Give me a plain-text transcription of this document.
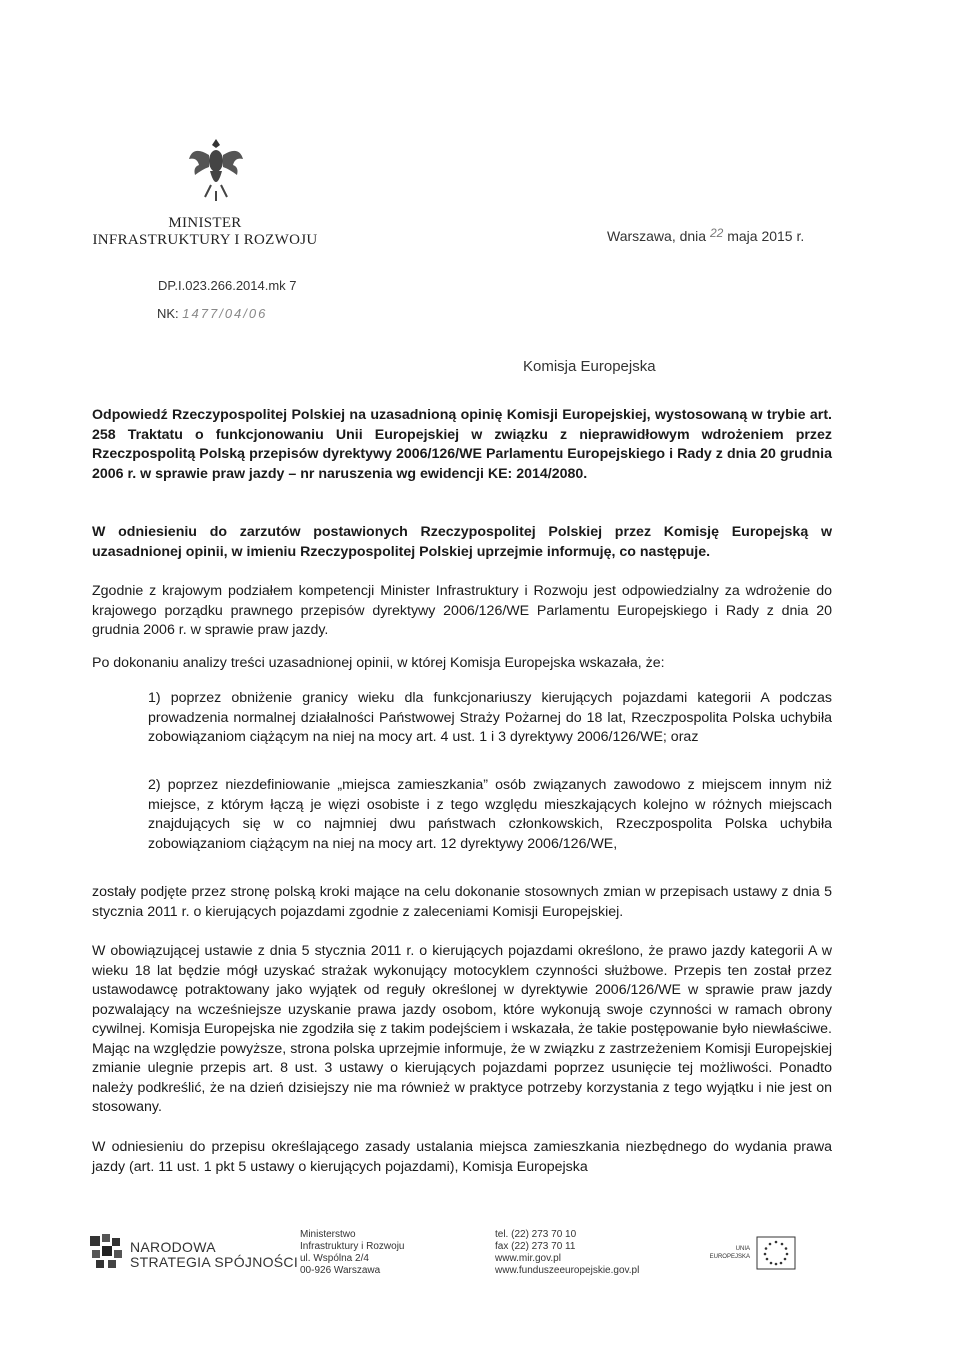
MINISTER
INFRASTRUKTURY I ROZWOJU	Warszawa, dnia 22 maja 2015 r.
DP.I.023.266.2014.mk 7
NK: 1477/04/06
Komisja Europejska
Odpowiedź Rzeczypospolitej Polskiej na uzasadnioną opinię Komisji Europejskiej, wystosowaną w trybie art. 258 Traktatu o funkcjonowaniu Unii Europejskiej w związku z nieprawidłowym wdrożeniem przez Rzeczpospolitą Polską przepisów dyrektywy 2006/126/WE Parlamentu Europejskiego i Rady z dnia 20 grudnia 2006 r. w sprawie praw jazdy – nr naruszenia wg ewidencji KE: 2014/2080.
W odniesieniu do zarzutów postawionych Rzeczypospolitej Polskiej przez Komisję Europejską w uzasadnionej opinii, w imieniu Rzeczypospolitej Polskiej uprzejmie informuję, co następuje.
Zgodnie z krajowym podziałem kompetencji Minister Infrastruktury i Rozwoju jest odpowiedzialny za wdrożenie do krajowego porządku prawnego przepisów dyrektywy 2006/126/WE Parlamentu Europejskiego i Rady z dnia 20 grudnia 2006 r. w sprawie praw jazdy.
Po dokonaniu analizy treści uzasadnionej opinii, w której Komisja Europejska wskazała, że:
1) poprzez obniżenie granicy wieku dla funkcjonariuszy kierujących pojazdami kategorii A podczas prowadzenia normalnej działalności Państwowej Straży Pożarnej do 18 lat, Rzeczpospolita Polska uchybiła zobowiązaniom ciążącym na niej na mocy art. 4 ust. 1 i 3 dyrektywy 2006/126/WE; oraz
2) poprzez niezdefiniowanie „miejsca zamieszkania” osób związanych zawodowo z miejscem innym niż miejsce, z którym łączą je więzi osobiste i z tego względu mieszkających kolejno w różnych miejscach znajdujących się w co najmniej dwu państwach członkowskich, Rzeczpospolita Polska uchybiła zobowiązaniom ciążącym na niej na mocy art. 12 dyrektywy 2006/126/WE,
zostały podjęte przez stronę polską kroki mające na celu dokonanie stosownych zmian w przepisach ustawy z dnia 5 stycznia 2011 r. o kierujących pojazdami zgodnie z zaleceniami Komisji Europejskiej.
W obowiązującej ustawie z dnia 5 stycznia 2011 r. o kierujących pojazdami określono, że prawo jazdy kategorii A w wieku 18 lat będzie mógł uzyskać strażak wykonujący motocyklem czynności służbowe. Przepis ten został przez ustawodawcę potraktowany jako wyjątek od reguły określonej w dyrektywie 2006/126/WE w sprawie praw jazdy pozwalający na wcześniejsze uzyskanie prawa jazdy osobom, które wykonują swoje czynności w ramach obrony cywilnej. Komisja Europejska nie zgodziła się z takim podejściem i wskazała, że takie postępowanie było niewłaściwe. Mając na względzie powyższe, strona polska uprzejmie informuje, że w związku z zastrzeżeniem Komisji Europejskiej zmianie ulegnie przepis art. 8 ust. 3 ustawy o kierujących pojazdami poprzez usunięcie tej możliwości. Ponadto należy podkreślić, że na dzień dzisiejszy nie ma również w praktyce potrzeby korzystania z tego wyjątku i nie jest on stosowany.
W odniesieniu do przepisu określającego zasady ustalania miejsca zamieszkania niezbędnego do wydania prawa jazdy (art. 11 ust. 1 pkt 5 ustawy o kierujących pojazdami), Komisja Europejska
NARODOWA
STRATEGIA SPÓJNOŚCI
Ministerstwo
Infrastruktury i Rozwoju
ul. Wspólna 2/4
00-926 Warszawa
tel. (22) 273 70 10
fax (22) 273 70 11
www.mir.gov.pl
www.funduszeeuropejskie.gov.pl
UNIA
EUROPEJSKA
